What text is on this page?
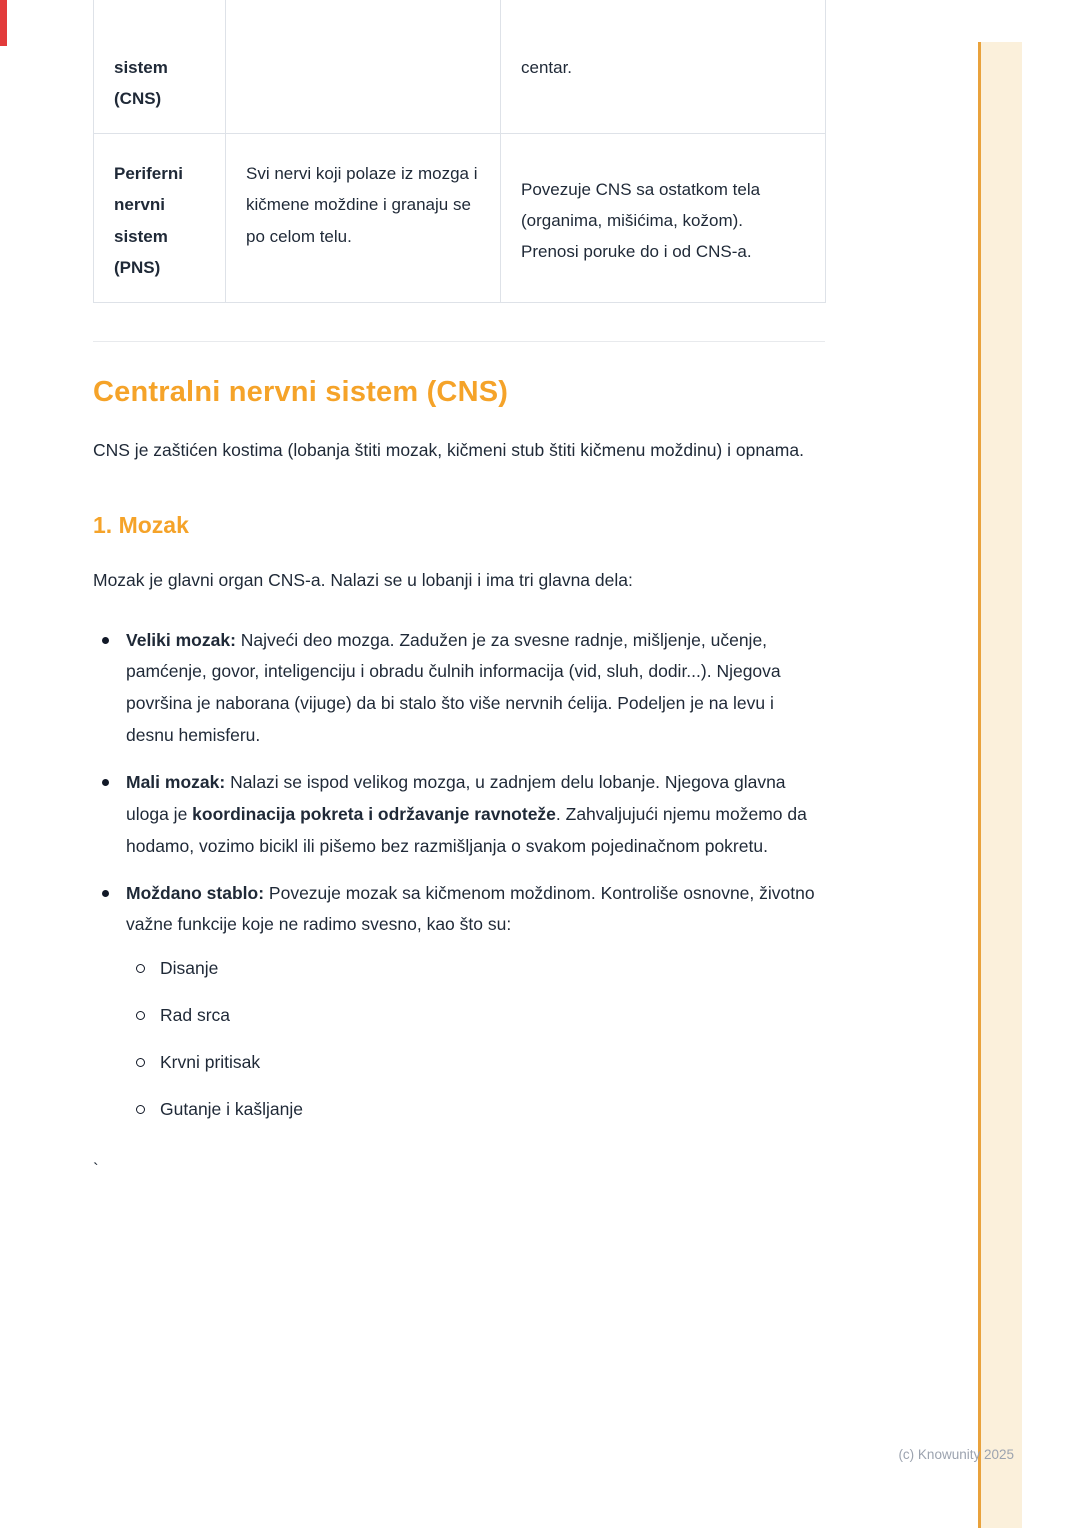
sistem (CNS)		centar.
Periferni nervni sistem (PNS)	Svi nervi koji polaze iz mozga i kičmene moždine i granaju se po celom telu.	Povezuje CNS sa ostatkom tela (organima, mišićima, kožom). Prenosi poruke do i od CNS-a.
Centralni nervni sistem (CNS)

CNS je zaštićen kostima (lobanja štiti mozak, kičmeni stub štiti kičmenu moždinu) i opnama.

1. Mozak

Mozak je glavni organ CNS-a. Nalazi se u lobanji i ima tri glavna dela:

Veliki mozak: Najveći deo mozga. Zadužen je za svesne radnje, mišljenje, učenje, pamćenje, govor, inteligenciju i obradu čulnih informacija (vid, sluh, dodir...). Njegova površina je naborana (vijuge) da bi stalo što više nervnih ćelija. Podeljen je na levu i desnu hemisferu.
Mali mozak: Nalazi se ispod velikog mozga, u zadnjem delu lobanje. Njegova glavna uloga je koordinacija pokreta i održavanje ravnoteže. Zahvaljujući njemu možemo da hodamo, vozimo bicikl ili pišemo bez razmišljanja o svakom pojedinačnom pokretu.
Moždano stablo: Povezuje mozak sa kičmenom moždinom. Kontroliše osnovne, životno važne funkcije koje ne radimo svesno, kao što su:
Disanje
Rad srca
Krvni pritisak
Gutanje i kašljanje

`

(c) Knowunity 2025
